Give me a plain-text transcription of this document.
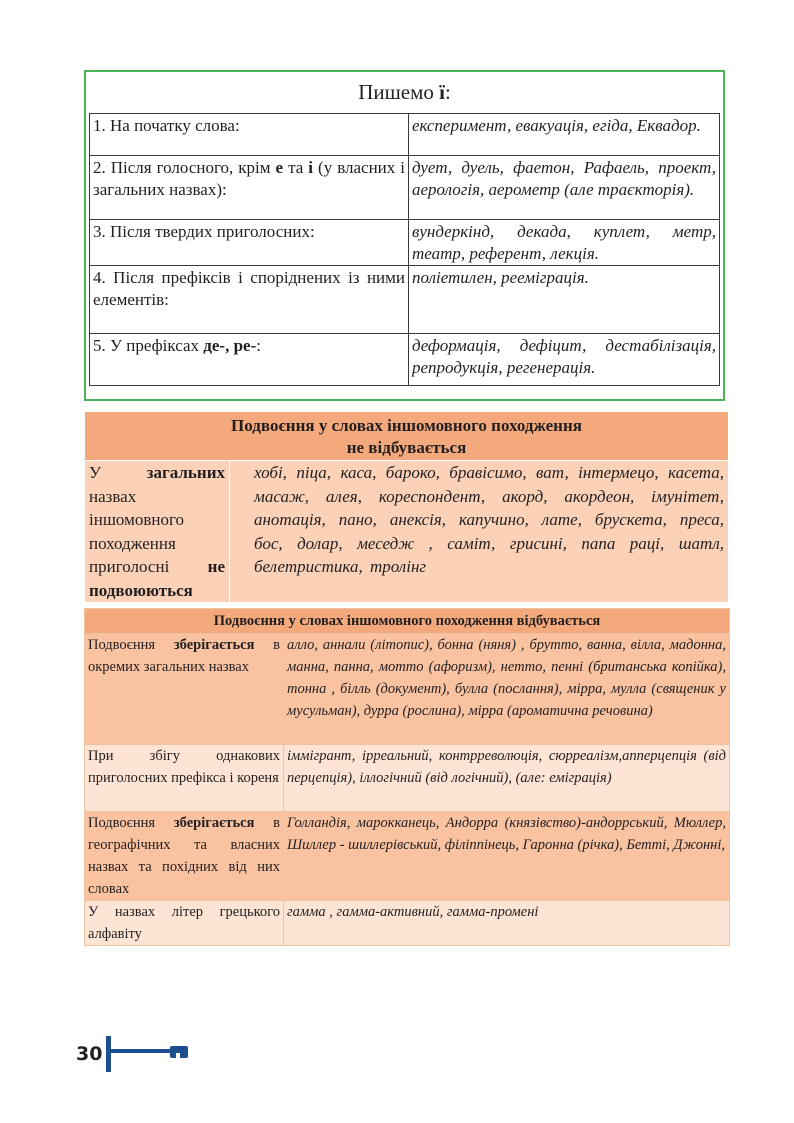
Пишемо ї:
1. На початку слова:	експеримент, евакуація, егіда, Еквадор.
2. Після голосного, крім е та і (у власних і загальних назвах):	дует, дуель, фаетон, Рафаель, проект, аерологія, аерометр (але траєкторія).
3. Після твердих приголосних:	вундеркінд, декада, куплет, метр, театр, референт, лекція.
4. Після префіксів і споріднених із ними елементів:	поліетилен, реемігрaція.
5. У префіксах де-, ре-:	деформація, дефіцит, дестабілізація, репродукція, регенерація.
Подвоєння у словах іншомовного походження
не відбувається
У загальних назвах іншомовного походження приголосні не подвоюються	хобі, піца, каса, бароко, бравісимо, ват, інтермецо, касета, масаж, алея, кореспондент, акорд, акордеон, імунітет, анотація, пано, анексія, капучино, лате, брускета, преса, бос, долар, меседж , саміт, грисині, папа рацi, шатл, белетристика, тролінг
Подвоєння у словах іншомовного походження відбувається	
Подвоєння зберігається в окремих загальних назвах	алло, аннали (літопис), бонна (няня) , брутто, ванна, вілла, мадонна, манна, панна, мотто (афоризм), нетто, пенні (британська копійка), тонна , білль (документ), булла (послання), мірра, мулла (священик у мусульман), дурра (рослина), мірра (ароматична речовина)
При збігу однакових приголосних префікса і кореня	іммігрант, ірреальний, контрреволюція, сюрреалізм,апперцепція (від перцепція), іллогічний (від логічний), (але: еміграція)
Подвоєння зберігається в географічних та власних назвах та похідних від них словах	Голландія, марокканець, Андорра (князівство)-андоррський, Мюллер, Шиллер - шиллерівський, філіппінець, Гаронна (річка), Бетті, Джонні,
У назвах літер грецького алфавіту	гамма , гамма-активний, гамма-промені
30
